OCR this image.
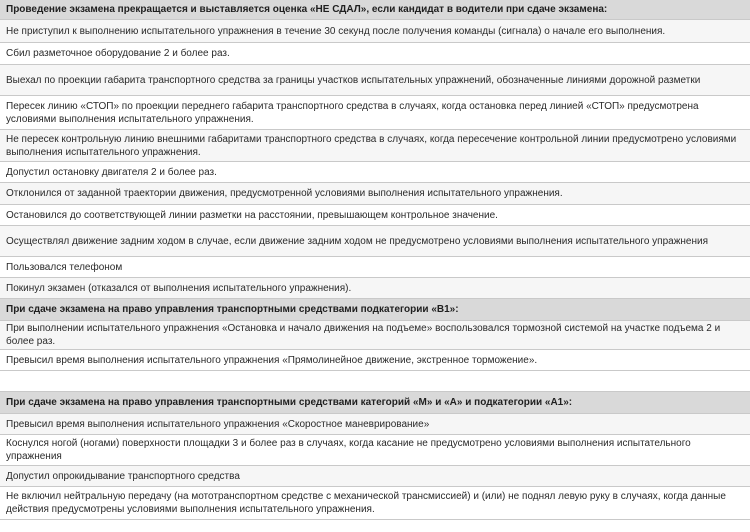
Проведение экзамена прекращается и выставляется оценка «НЕ СДАЛ», если кандидат в водители при сдаче экзамена:
Не приступил к выполнению испытательного упражнения в течение 30 секунд после получения команды (сигнала) о начале его выполнения.
Сбил разметочное оборудование 2 и более раз.
Выехал по проекции габарита транспортного средства за границы участков испытательных упражнений, обозначенные линиями дорожной разметки
Пересек линию «СТОП» по проекции переднего габарита транспортного средства в случаях, когда остановка перед линией «СТОП» предусмотрена условиями выполнения испытательного упражнения.
Не пересек контрольную линию внешними габаритами транспортного средства в случаях, когда пересечение контрольной линии предусмотрено условиями выполнения испытательного упражнения.
Допустил остановку двигателя 2 и более раз.
Отклонился от заданной траектории движения, предусмотренной условиями выполнения испытательного упражнения.
Остановился до соответствующей линии разметки на расстоянии, превышающем контрольное значение.
Осуществлял движение задним ходом в случае, если движение задним ходом не предусмотрено условиями выполнения испытательного упражнения
Пользовался телефоном
Покинул экзамен (отказался от выполнения испытательного упражнения).
При сдаче экзамена на право управления транспортными средствами подкатегории «B1»:
При выполнении испытательного упражнения «Остановка и начало движения на подъеме» воспользовался тормозной системой на участке подъема 2 и более раз.
Превысил время выполнения испытательного упражнения «Прямолинейное движение, экстренное торможение».
При сдаче экзамена на право управления транспортными средствами категорий «M» и «A» и подкатегории «A1»:
Превысил время выполнения испытательного упражнения «Скоростное маневрирование»
Коснулся ногой (ногами) поверхности площадки 3 и более раз в случаях, когда касание не предусмотрено условиями выполнения испытательного упражнения
Допустил опрокидывание транспортного средства
Не включил нейтральную передачу (на мототранспортном средстве с механической трансмиссией) и (или) не поднял левую руку в случаях, когда данные действия предусмотрены условиями выполнения испытательного упражнения.
